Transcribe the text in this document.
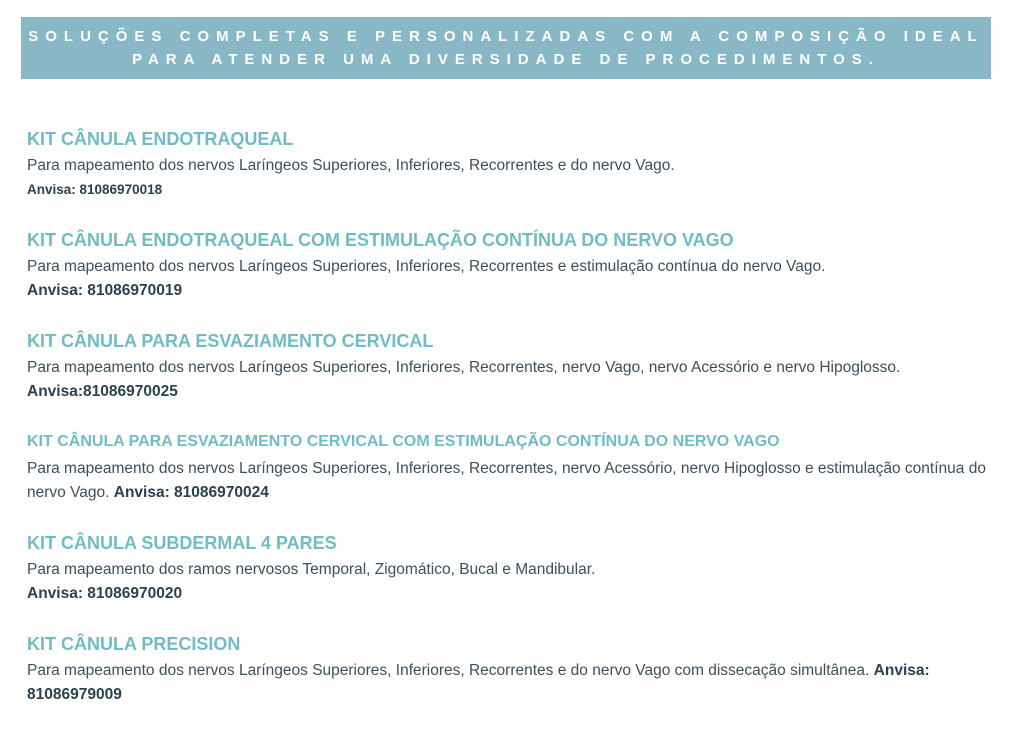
SOLUÇÕES COMPLETAS E PERSONALIZADAS COM A COMPOSIÇÃO IDEAL
PARA ATENDER UMA DIVERSIDADE DE PROCEDIMENTOS.
KIT CÂNULA ENDOTRAQUEAL
Para mapeamento dos nervos Laríngeos Superiores, Inferiores, Recorrentes e do nervo Vago.
Anvisa: 81086970018
KIT CÂNULA ENDOTRAQUEAL COM ESTIMULAÇÃO CONTÍNUA DO NERVO VAGO
Para mapeamento dos nervos Laríngeos Superiores, Inferiores, Recorrentes e estimulação contínua do nervo Vago.
Anvisa: 81086970019
KIT CÂNULA PARA ESVAZIAMENTO CERVICAL
Para mapeamento dos nervos Laríngeos Superiores, Inferiores, Recorrentes, nervo Vago, nervo Acessório e nervo Hipoglosso. Anvisa:81086970025
KIT CÂNULA PARA ESVAZIAMENTO CERVICAL COM ESTIMULAÇÃO CONTÍNUA DO NERVO VAGO
Para mapeamento dos nervos Laríngeos Superiores, Inferiores, Recorrentes, nervo Acessório, nervo Hipoglosso e estimulação contínua do nervo Vago. Anvisa: 81086970024
KIT CÂNULA SUBDERMAL 4 PARES
Para mapeamento dos ramos nervosos Temporal, Zigomático, Bucal e Mandibular.
Anvisa: 81086970020
KIT CÂNULA PRECISION
Para mapeamento dos nervos Laríngeos Superiores, Inferiores, Recorrentes e do nervo Vago com dissecação simultânea. Anvisa: 81086979009
